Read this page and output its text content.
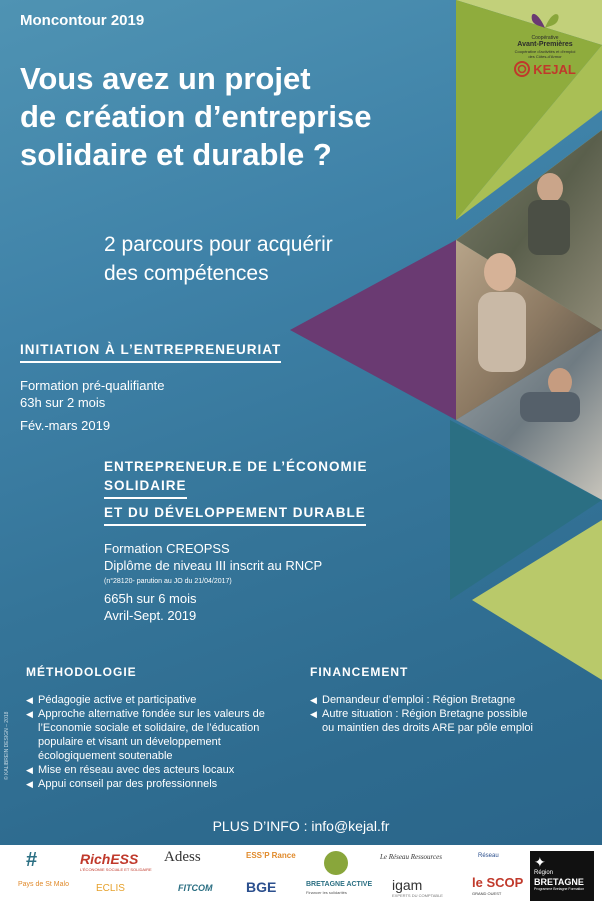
Coopérative
Avant-Premières
Coopérative d’activités et d’emploi
des Côtes-d’Armor
KEJAL
Moncontour 2019
Vous avez un projet
de création d’entreprise
solidaire et durable ?
2 parcours pour acquérir
des compétences
INITIATION À L’ENTREPRENEURIAT
Formation pré-qualifiante
63h sur 2 mois
Fév.-mars 2019
ENTREPRENEUR.E DE L’ÉCONOMIE
SOLIDAIRE
ET DU DÉVELOPPEMENT DURABLE
Formation CREOPSS
Diplôme de niveau III inscrit au RNCP
(n°28120- parution au JO du 21/04/2017)
665h sur 6 mois
Avril-Sept. 2019
MÉTHODOLOGIE
◀ Pédagogie active et participative
◀ Approche alternative fondée sur les valeurs de
l’Economie sociale et solidaire, de l’éducation
populaire et visant un développement
écologiquement soutenable
◀ Mise en réseau avec des acteurs locaux
◀ Appui conseil par des professionnels
FINANCEMENT
◀ Demandeur d’emploi : Région Bretagne
◀ Autre situation : Région Bretagne possible
ou maintien des droits ARE par pôle emploi
© KALIBREIN DESIGN – 2018
PLUS D’INFO : info@kejal.fr
#
Pays de St Malo
RichESS
L’ÉCONOMIE SOCIALE ET SOLIDAIRE
ECLIS
Adess
FITCOM
ESS’P Rance
BGE	BRETAGNE ACTIVE
Financer les solidarités
Le Réseau Ressources
igam
EXPERTS DU COMPTABLE
Réseau
le SCOP
GRAND OUEST
✦
Région
BRETAGNE
Programme Bretagne Formation
